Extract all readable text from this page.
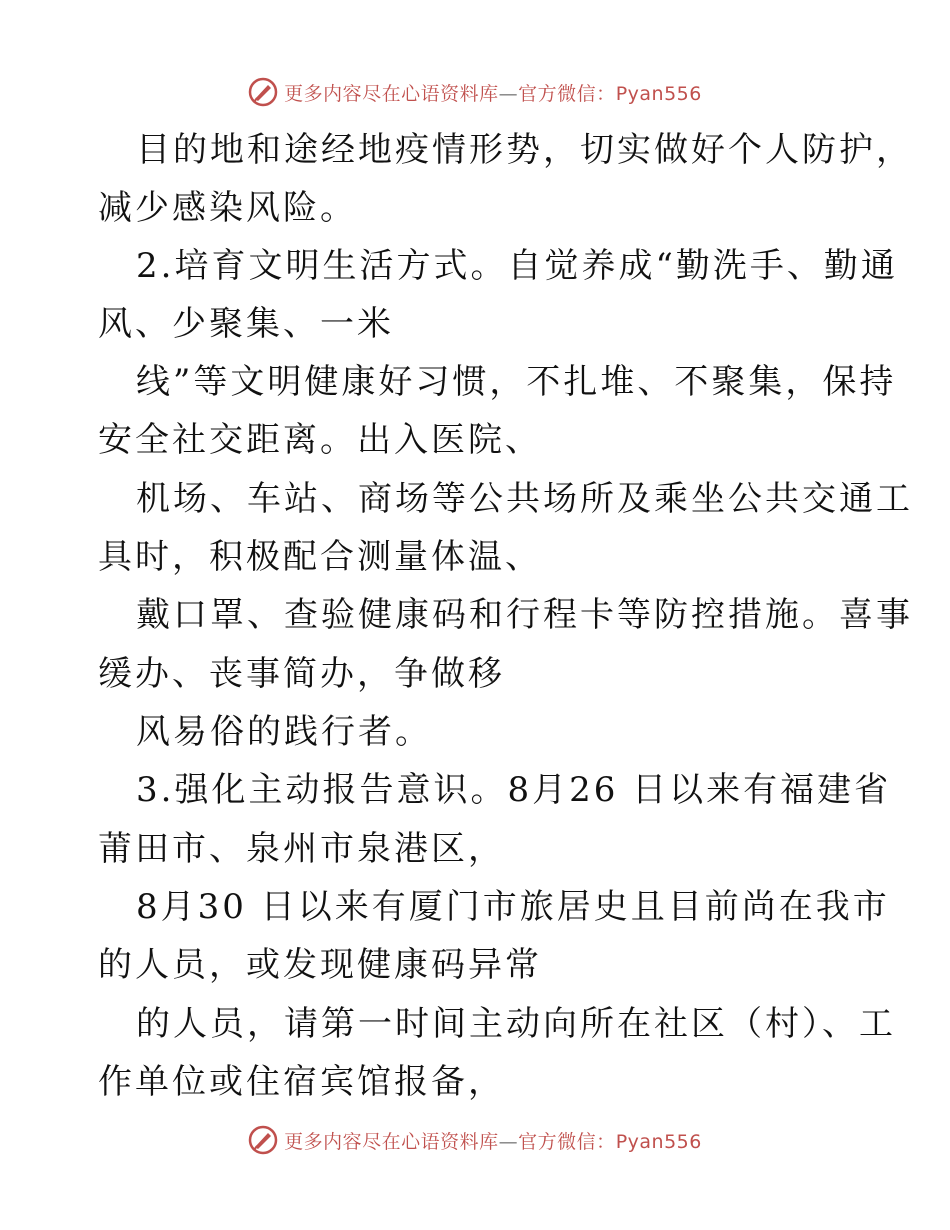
更多内容尽在心语资料库—官方微信：Pyan556
目的地和途经地疫情形势，切实做好个人防护，
减少感染风险。
2.培育文明生活方式。自觉养成“勤洗手、勤通
风、少聚集、一米
线”等文明健康好习惯，不扎堆、不聚集，保持
安全社交距离。出入医院、
机场、车站、商场等公共场所及乘坐公共交通工
具时，积极配合测量体温、
戴口罩、查验健康码和行程卡等防控措施。喜事
缓办、丧事简办，争做移
风易俗的践行者。
3.强化主动报告意识。8月26 日以来有福建省
莆田市、泉州市泉港区，
8月30 日以来有厦门市旅居史且目前尚在我市
的人员，或发现健康码异常
的人员，请第一时间主动向所在社区（村）、工
作单位或住宿宾馆报备，
更多内容尽在心语资料库—官方微信：Pyan556
